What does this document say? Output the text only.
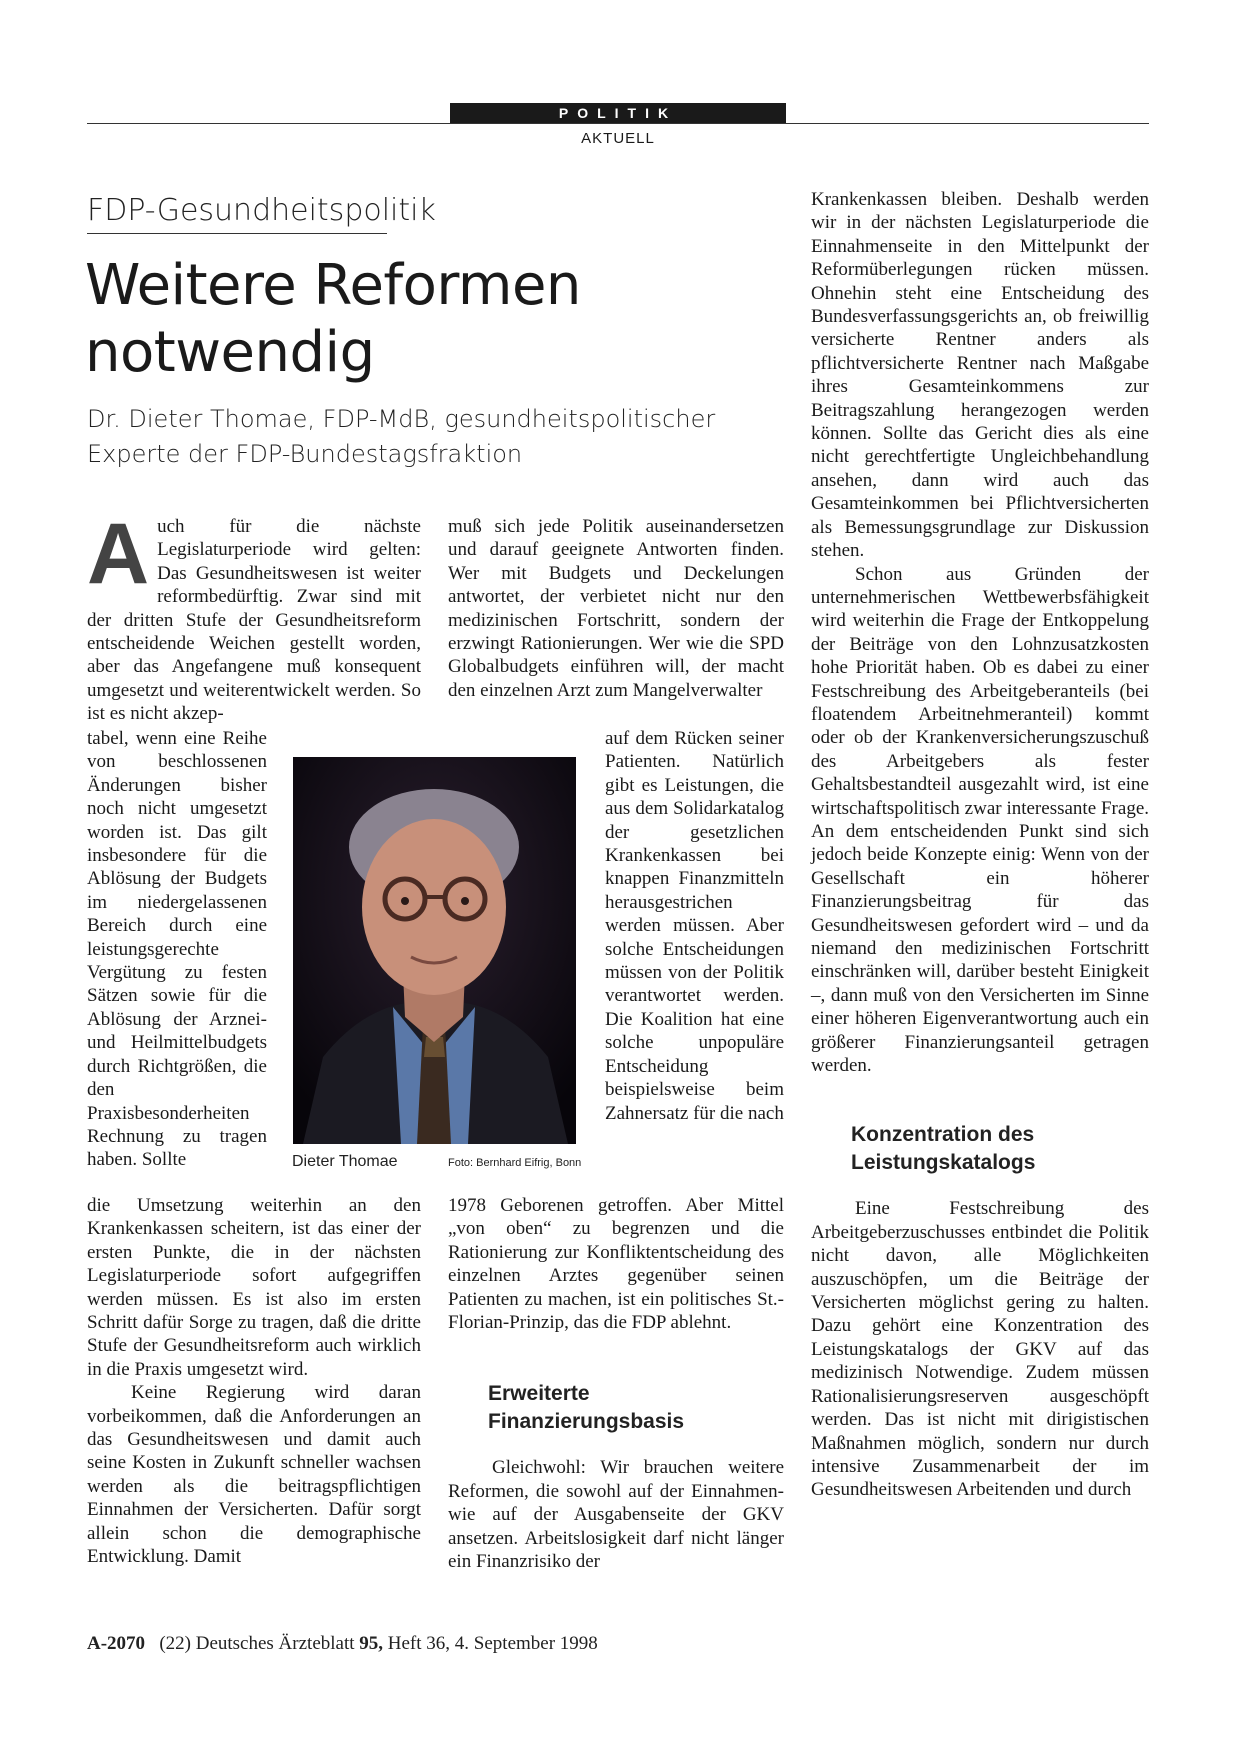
POLITIK
AKTUELL
FDP-Gesundheitspolitik
Weitere Reformen
notwendig
Dr. Dieter Thomae, FDP-MdB, gesundheitspolitischer
Experte der FDP-Bundestagsfraktion

Auch für die nächste Legislaturperiode wird gelten: Das Gesundheitswesen ist weiter reformbedürftig. Zwar sind mit der dritten Stufe der Gesundheitsreform entscheidende Weichen gestellt worden, aber das Angefangene muß konsequent umgesetzt und weiterentwickelt werden. So ist es nicht akzep-

tabel, wenn eine Reihe von beschlossenen Änderungen bisher noch nicht umgesetzt worden ist. Das gilt insbesondere für die Ablösung der Budgets im niedergelassenen Bereich durch eine leistungsgerechte Vergütung zu festen Sätzen sowie für die Ablösung der Arznei- und Heilmittelbudgets durch Richtgrößen, die den Praxisbesonderheiten Rechnung zu tragen haben. Sollte

die Umsetzung weiterhin an den Krankenkassen scheitern, ist das einer der ersten Punkte, die in der nächsten Legislaturperiode sofort aufgegriffen werden müssen. Es ist also im ersten Schritt dafür Sorge zu tragen, daß die dritte Stufe der Gesundheitsreform auch wirklich in die Praxis umgesetzt wird.

Keine Regierung wird daran vorbeikommen, daß die Anforderungen an das Gesundheitswesen und damit auch seine Kosten in Zukunft schneller wachsen werden als die beitragspflichtigen Einnahmen der Versicherten. Dafür sorgt allein schon die demographische Entwicklung. Damit

Dieter Thomae	Foto: Bernhard Eifrig, Bonn

muß sich jede Politik auseinandersetzen und darauf geeignete Antworten finden. Wer mit Budgets und Deckelungen antwortet, der verbietet nicht nur den medizinischen Fortschritt, sondern der erzwingt Rationierungen. Wer wie die SPD Globalbudgets einführen will, der macht den einzelnen Arzt zum Mangelverwalter

auf dem Rücken seiner Patienten. Natürlich gibt es Leistungen, die aus dem Solidarkatalog der gesetzlichen Krankenkassen bei knappen Finanzmitteln herausgestrichen werden müssen. Aber solche Entscheidungen müssen von der Politik verantwortet werden. Die Koalition hat eine solche unpopuläre Entscheidung beispielsweise beim Zahnersatz für die nach

1978 Geborenen getroffen. Aber Mittel „von oben“ zu begrenzen und die Rationierung zur Konfliktentscheidung des einzelnen Arztes gegenüber seinen Patienten zu machen, ist ein politisches St.-Florian-Prinzip, das die FDP ablehnt.

Erweiterte
Finanzierungsbasis

Gleichwohl: Wir brauchen weitere Reformen, die sowohl auf der Einnahmen- wie auf der Ausgabenseite der GKV ansetzen. Arbeitslosigkeit darf nicht länger ein Finanzrisiko der

Krankenkassen bleiben. Deshalb werden wir in der nächsten Legislaturperiode die Einnahmenseite in den Mittelpunkt der Reformüberlegungen rücken müssen. Ohnehin steht eine Entscheidung des Bundesverfassungsgerichts an, ob freiwillig versicherte Rentner anders als pflichtversicherte Rentner nach Maßgabe ihres Gesamteinkommens zur Beitragszahlung herangezogen werden können. Sollte das Gericht dies als eine nicht gerechtfertigte Ungleichbehandlung ansehen, dann wird auch das Gesamteinkommen bei Pflichtversicherten als Bemessungsgrundlage zur Diskussion stehen.

Schon aus Gründen der unternehmerischen Wettbewerbsfähigkeit wird weiterhin die Frage der Entkoppelung der Beiträge von den Lohnzusatzkosten hohe Priorität haben. Ob es dabei zu einer Festschreibung des Arbeitgeberanteils (bei floatendem Arbeitnehmeranteil) kommt oder ob der Krankenversicherungszuschuß des Arbeitgebers als fester Gehaltsbestandteil ausgezahlt wird, ist eine wirtschaftspolitisch zwar interessante Frage. An dem entscheidenden Punkt sind sich jedoch beide Konzepte einig: Wenn von der Gesellschaft ein höherer Finanzierungsbeitrag für das Gesundheitswesen gefordert wird – und da niemand den medizinischen Fortschritt einschränken will, darüber besteht Einigkeit –, dann muß von den Versicherten im Sinne einer höheren Eigenverantwortung auch ein größerer Finanzierungsanteil getragen werden.

Konzentration des
Leistungskatalogs

Eine Festschreibung des Arbeitgeberzuschusses entbindet die Politik nicht davon, alle Möglichkeiten auszuschöpfen, um die Beiträge der Versicherten möglichst gering zu halten. Dazu gehört eine Konzentration des Leistungskatalogs der GKV auf das medizinisch Notwendige. Zudem müssen Rationalisierungsreserven ausgeschöpft werden. Das ist nicht mit dirigistischen Maßnahmen möglich, sondern nur durch intensive Zusammenarbeit der im Gesundheitswesen Arbeitenden und durch

A-2070 (22) Deutsches Ärzteblatt 95, Heft 36, 4. September 1998
